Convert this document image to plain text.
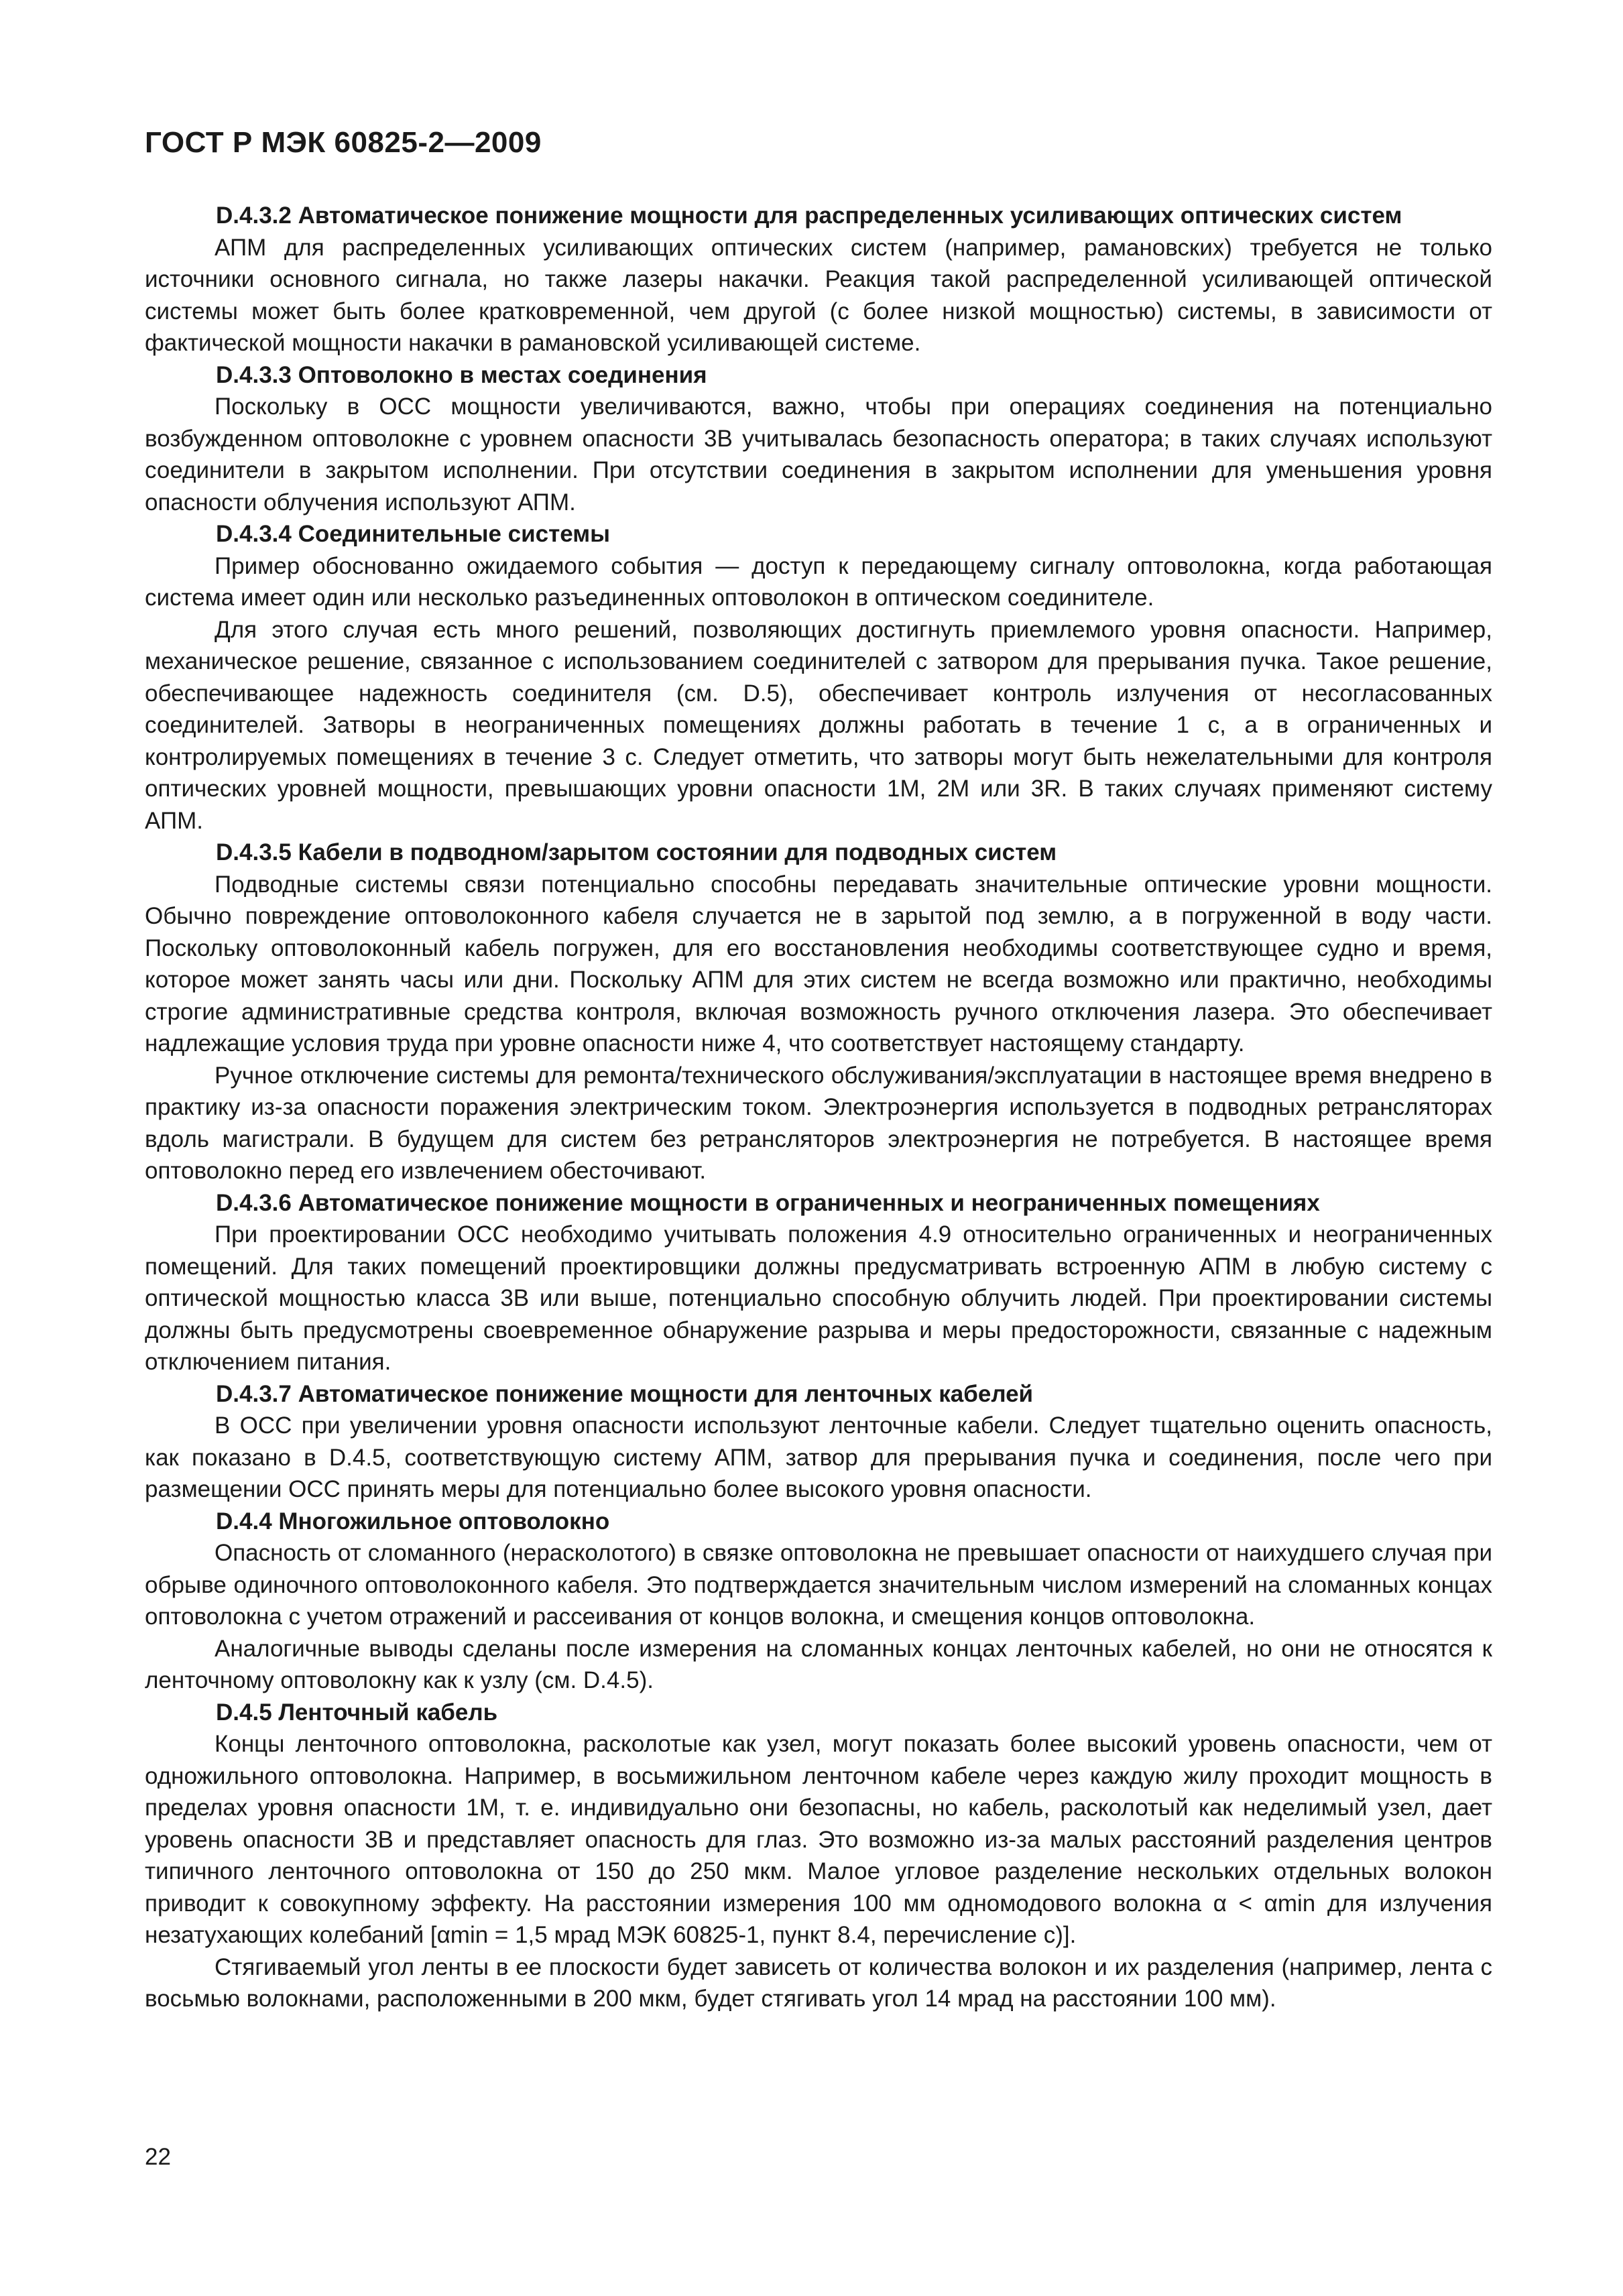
ГОСТ Р МЭК 60825-2—2009
D.4.3.2 Автоматическое понижение мощности для распределенных усиливающих оптических систем

АПМ для распределенных усиливающих оптических систем (например, рамановских) требуется не только источники основного сигнала, но также лазеры накачки. Реакция такой распределенной усиливающей оптической системы может быть более кратковременной, чем другой (с более низкой мощностью) системы, в зависимости от фактической мощности накачки в рамановской усиливающей системе.

D.4.3.3 Оптоволокно в местах соединения

Поскольку в ОСС мощности увеличиваются, важно, чтобы при операциях соединения на потенциально возбужденном оптоволокне с уровнем опасности 3В учитывалась безопасность оператора; в таких случаях используют соединители в закрытом исполнении. При отсутствии соединения в закрытом исполнении для уменьшения уровня опасности облучения используют АПМ.

D.4.3.4 Соединительные системы

Пример обоснованно ожидаемого события — доступ к передающему сигналу оптоволокна, когда работающая система имеет один или несколько разъединенных оптоволокон в оптическом соединителе.

Для этого случая есть много решений, позволяющих достигнуть приемлемого уровня опасности. Например, механическое решение, связанное с использованием соединителей с затвором для прерывания пучка. Такое решение, обеспечивающее надежность соединителя (см. D.5), обеспечивает контроль излучения от несогласованных соединителей. Затворы в неограниченных помещениях должны работать в течение 1 с, а в ограниченных и контролируемых помещениях в течение 3 с. Следует отметить, что затворы могут быть нежелательными для контроля оптических уровней мощности, превышающих уровни опасности 1М, 2М или 3R. В таких случаях применяют систему АПМ.

D.4.3.5 Кабели в подводном/зарытом состоянии для подводных систем

Подводные системы связи потенциально способны передавать значительные оптические уровни мощности. Обычно повреждение оптоволоконного кабеля случается не в зарытой под землю, а в погруженной в воду части. Поскольку оптоволоконный кабель погружен, для его восстановления необходимы соответствующее судно и время, которое может занять часы или дни. Поскольку АПМ для этих систем не всегда возможно или практично, необходимы строгие административные средства контроля, включая возможность ручного отключения лазера. Это обеспечивает надлежащие условия труда при уровне опасности ниже 4, что соответствует настоящему стандарту.

Ручное отключение системы для ремонта/технического обслуживания/эксплуатации в настоящее время внедрено в практику из-за опасности поражения электрическим током. Электроэнергия используется в подводных ретрансляторах вдоль магистрали. В будущем для систем без ретрансляторов электроэнергия не потребуется. В настоящее время оптоволокно перед его извлечением обесточивают.

D.4.3.6 Автоматическое понижение мощности в ограниченных и неограниченных помещениях

При проектировании ОСС необходимо учитывать положения 4.9 относительно ограниченных и неограниченных помещений. Для таких помещений проектировщики должны предусматривать встроенную АПМ в любую систему с оптической мощностью класса 3В или выше, потенциально способную облучить людей. При проектировании системы должны быть предусмотрены своевременное обнаружение разрыва и меры предосторожности, связанные с надежным отключением питания.

D.4.3.7 Автоматическое понижение мощности для ленточных кабелей

В ОСС при увеличении уровня опасности используют ленточные кабели. Следует тщательно оценить опасность, как показано в D.4.5, соответствующую систему АПМ, затвор для прерывания пучка и соединения, после чего при размещении ОСС принять меры для потенциально более высокого уровня опасности.

D.4.4 Многожильное оптоволокно

Опасность от сломанного (нерасколотого) в связке оптоволокна не превышает опасности от наихудшего случая при обрыве одиночного оптоволоконного кабеля. Это подтверждается значительным числом измерений на сломанных концах оптоволокна с учетом отражений и рассеивания от концов волокна, и смещения концов оптоволокна.

Аналогичные выводы сделаны после измерения на сломанных концах ленточных кабелей, но они не относятся к ленточному оптоволокну как к узлу (см. D.4.5).

D.4.5 Ленточный кабель

Концы ленточного оптоволокна, расколотые как узел, могут показать более высокий уровень опасности, чем от одножильного оптоволокна. Например, в восьмижильном ленточном кабеле через каждую жилу проходит мощность в пределах уровня опасности 1М, т. е. индивидуально они безопасны, но кабель, расколотый как неделимый узел, дает уровень опасности 3В и представляет опасность для глаз. Это возможно из-за малых расстояний разделения центров типичного ленточного оптоволокна от 150 до 250 мкм. Малое угловое разделение нескольких отдельных волокон приводит к совокупному эффекту. На расстоянии измерения 100 мм одномодового волокна α < αmin для излучения незатухающих колебаний [αmin = 1,5 мрад МЭК 60825-1, пункт 8.4, перечисление с)].

Стягиваемый угол ленты в ее плоскости будет зависеть от количества волокон и их разделения (например, лента с восьмью волокнами, расположенными в 200 мкм, будет стягивать угол 14 мрад на расстоянии 100 мм).

22
